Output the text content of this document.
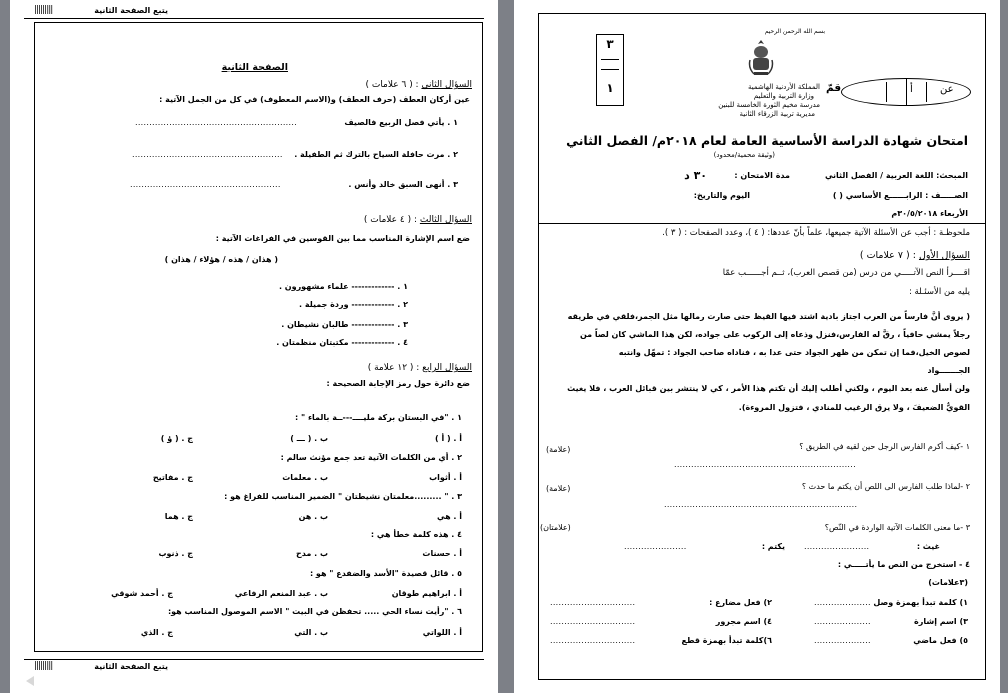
يتبع الصفحة الثانية
|||||||||
الصفحة الثانية
السؤال الثاني : ( ٦ علامات )
عين أركان العطف (حرف العطف) و(الاسم المعطوف) في كل من الجمل الآتية :
١ . يأتي فصل الربيع فالصيف
.........................................................
٢ . مرت حافلة السياح بالترك ثم الطفيلة .
.....................................................
٣ . أنهى السبق خالد وأنس .
.....................................................
السؤال الثالث : ( ٤ علامات )
ضع اسم الإشارة المناسب مما بين القوسين في الفراغات الآتية :
( هذان / هذه / هؤلاء / هذان )
١ . ------------- علماء مشهورون .
٢ . ------------- وردة جميلة .
٣ . ------------- طالبان نشيطان .
٤ . ------------- مكتبتان منظمتان .
السؤال الرابع : ( ١٢ علامة )
ضع دائرة حول رمز الإجابة الصحيحة :
١ . "في البستان بركة مليــــ---ــة بالماء " :
أ . ( أ )
ب . ( ـــ )
ج . ( ؤ )
٢ . أي من الكلمات الآتية تعد جمع مؤنث سالم :
أ . أثواب
ب . معلمات
ج . مفاتيح
٣ . " .........معلمتان نشيطتان " الضمير المناسب للفراغ هو :
أ . هي
ب . هن
ج . هما
٤ . هذه كلمة خطأ هي :
أ . حسنات
ب . مدح
ج . ذنوب
٥ . قائل قصيدة "الأسد والضفدع " هو :
أ . ابراهيم طوقان
ب . عبد المنعم الرفاعي
ج . أحمد شوقي
٦ . "رأيت نساء الحي ..... تحفظن في البيت " الاسم الموصول المناسب هو:
أ . اللواتي
ب . التي
ج . الذي
يتبع الصفحة الثانية
|||||||||
بسم الله الرحمن الرحيم
المملكة الأردنية الهاشمية
وزارة التربية والتعليم
مدرسة مخيم الثورة الخامسة للبنين
مديرية تربية الزرقاء الثانية
٣
١	أ	عن
قمّ
امتحان شهادة الدراسة الأساسية العامة لعام ٢٠١٨م/ الفصل الثاني
(وثيقة محمية/محدود)
المبحث: اللغة العربية / الفصل الثاني
مدة الامتحان :
٣٠ د
الصـــــف : الرابــــــع الأساسي ( )
اليوم والتاريخ:
الأربعاء ٣٠/٥/٢٠١٨م
ملحوظـة : أجب عن الأسئلة الآتية جميعها، علماً بأنّ عددها: ( ٤ )، وعدد الصفحات : ( ٣ ).
السؤال الأول : ( ٧ علامات )
اقــــرأ النص الآتـــــي من درس (من قصص العرب)، ثــم أجــــــب عمّا
يليه من الأسئـلة :
( يروى أنَّ فارساً من العرب اجتاز بادية اشتد فيها القيظ حتى صارت رمالها مثل الجمر،فلقي في طريقه
رجلاً يمشي حافياً ، رقَّ له الفارس،فنزل وذعاه إلى الركوب على جواده، لكن هذا الماشي كان لصاً من
لصوص الخيل،فما إن تمكن من ظهر الجواد حتى عدا به ، فناداه صاحب الجواد : تمهّل وانتبه
الجـــــــواد
ولن أسأل عنه بعد اليوم ، ولكني أطلب إليك أن تكتم هذا الأمر ، كي لا ينتشر بين قبائل العرب ، فلا يغيث
القويُّ الضعيفَ ، ولا يرق الرغيب للمنادي ، فتزول المروءة).
١ -كيف أكرم الفارس الرجل حين لقيه في الطريق ؟
(علامة)
................................................................
٢ -لماذا طلب الفارس الى اللص أن يكتم ما حدث ؟
(علامة)
....................................................................
٣ -ما معنى الكلمات الآتية الواردة في النّص؟
(علامتان)
غيث :
.......................
يكتم :
......................
٤ - استخرج من النص ما يأتـــــي :
(٣علامات)
١) كلمة تبدأ بهمزة وصل
....................
٢) فعل مضارع :
..............................
٣) اسم إشارة
....................
٤) اسم مجرور
..............................
٥) فعل ماضي
....................
٦)كلمة تبدأ بهمزة قطع
..............................
